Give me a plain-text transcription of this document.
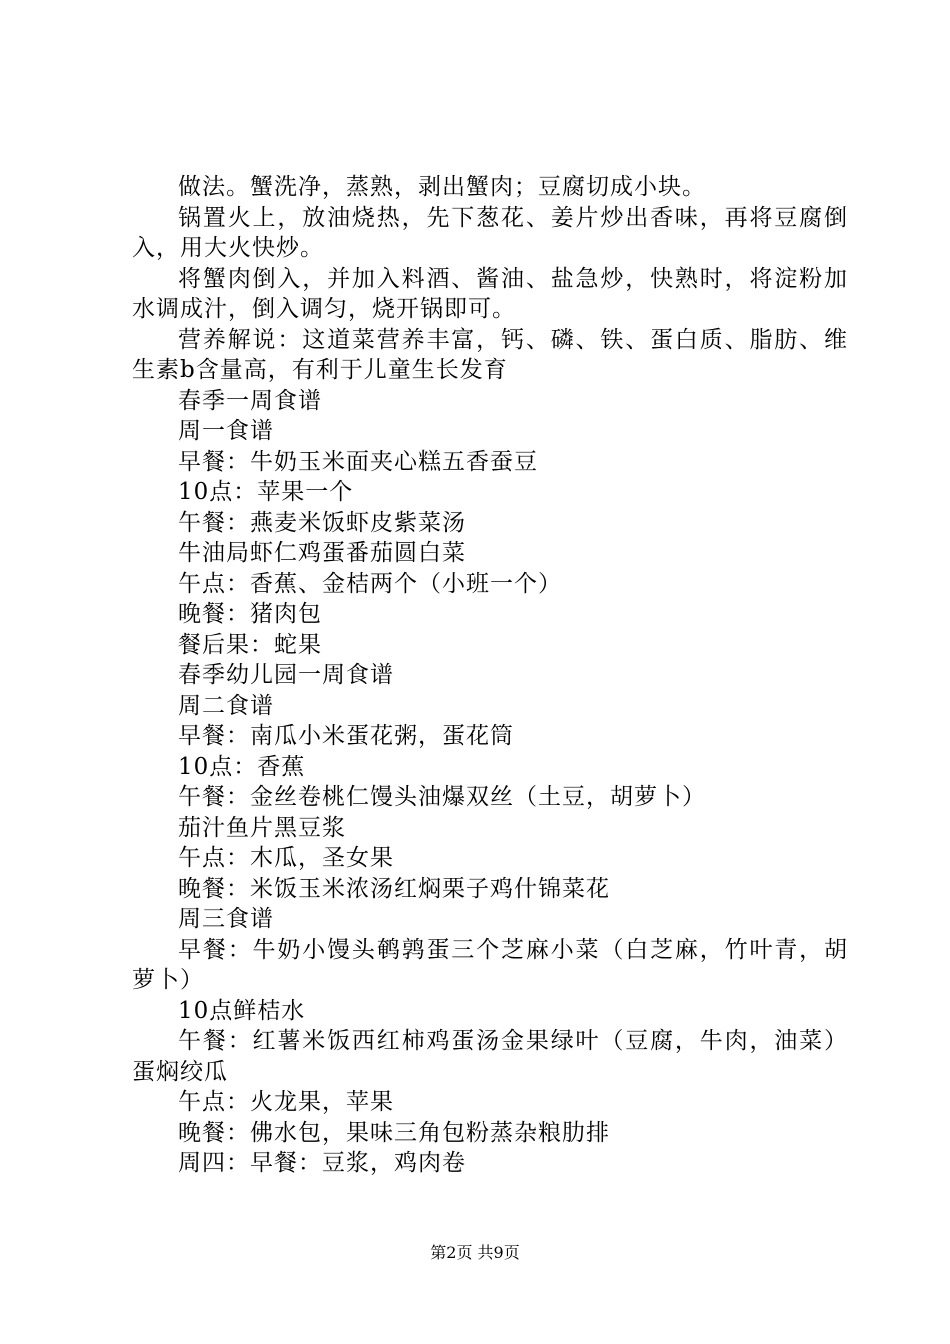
做法。蟹洗净，蒸熟，剥出蟹肉；豆腐切成小块。

锅置火上，放油烧热，先下葱花、姜片炒出香味，再将豆腐倒入，用大火快炒。

将蟹肉倒入，并加入料酒、酱油、盐急炒，快熟时，将淀粉加水调成汁，倒入调匀，烧开锅即可。

营养解说：这道菜营养丰富，钙、磷、铁、蛋白质、脂肪、维生素b含量高，有利于儿童生长发育

春季一周食谱

周一食谱

早餐：牛奶玉米面夹心糕五香蚕豆

10点：苹果一个

午餐：燕麦米饭虾皮紫菜汤

牛油局虾仁鸡蛋番茄圆白菜

午点：香蕉、金桔两个（小班一个）

晚餐：猪肉包

餐后果：蛇果

春季幼儿园一周食谱

周二食谱

早餐：南瓜小米蛋花粥，蛋花筒

10点：香蕉

午餐：金丝卷桃仁馒头油爆双丝（土豆，胡萝卜）

茄汁鱼片黑豆浆

午点：木瓜，圣女果

晚餐：米饭玉米浓汤红焖栗子鸡什锦菜花

周三食谱

早餐：牛奶小馒头鹌鹑蛋三个芝麻小菜（白芝麻，竹叶青，胡萝卜）

10点鲜桔水

午餐：红薯米饭西红柿鸡蛋汤金果绿叶（豆腐，牛肉，油菜）蛋焖绞瓜

午点：火龙果，苹果

晚餐：佛水包，果味三角包粉蒸杂粮肋排

周四：早餐：豆浆，鸡肉卷

第2页 共9页
